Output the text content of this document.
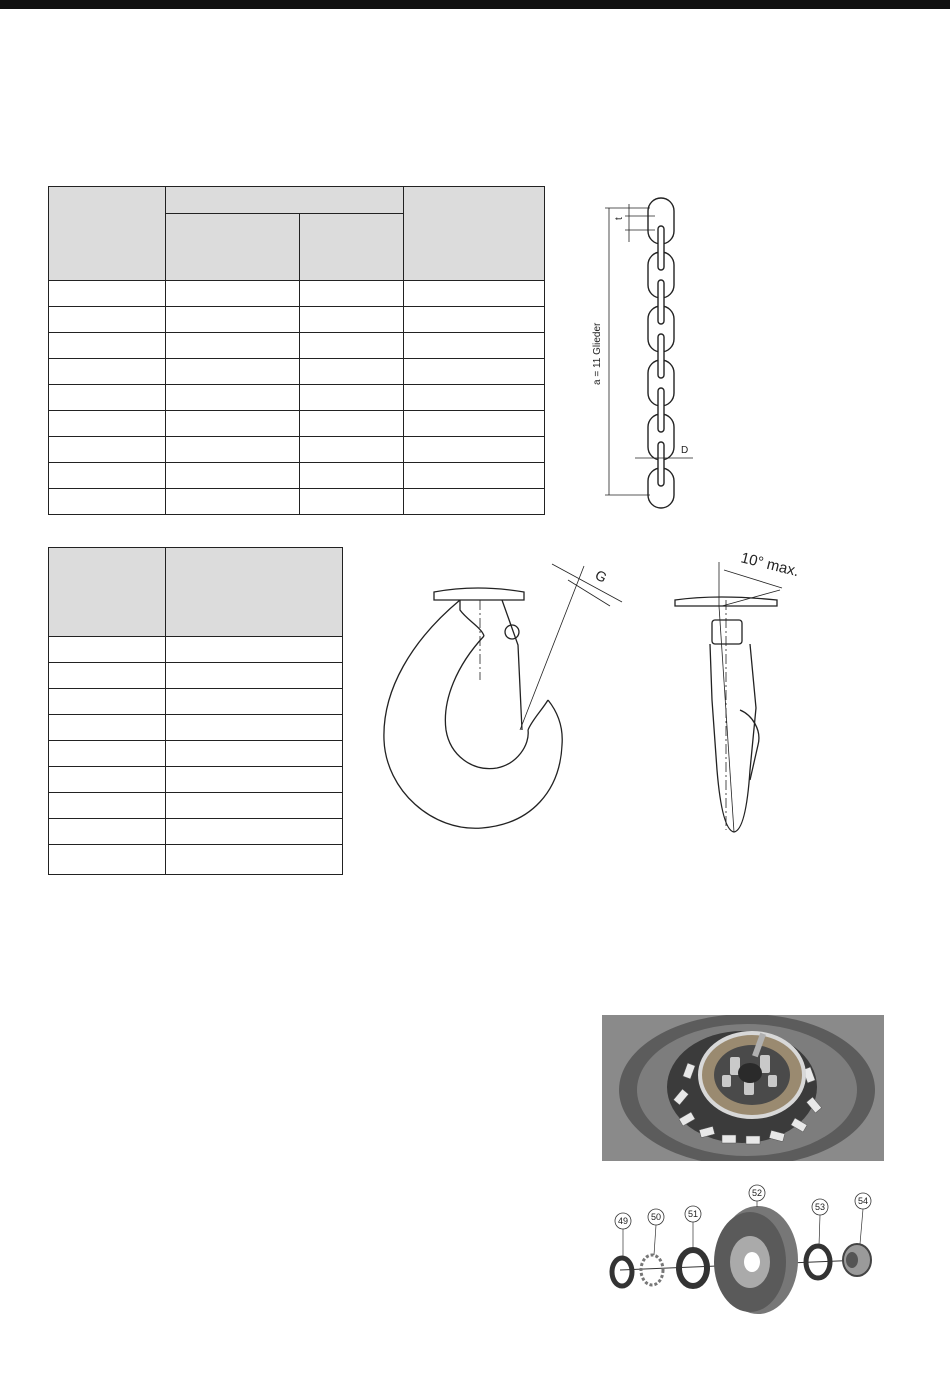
t
a = 11 Glieder
D
G	10° max.
49	50	51
52
53
54
